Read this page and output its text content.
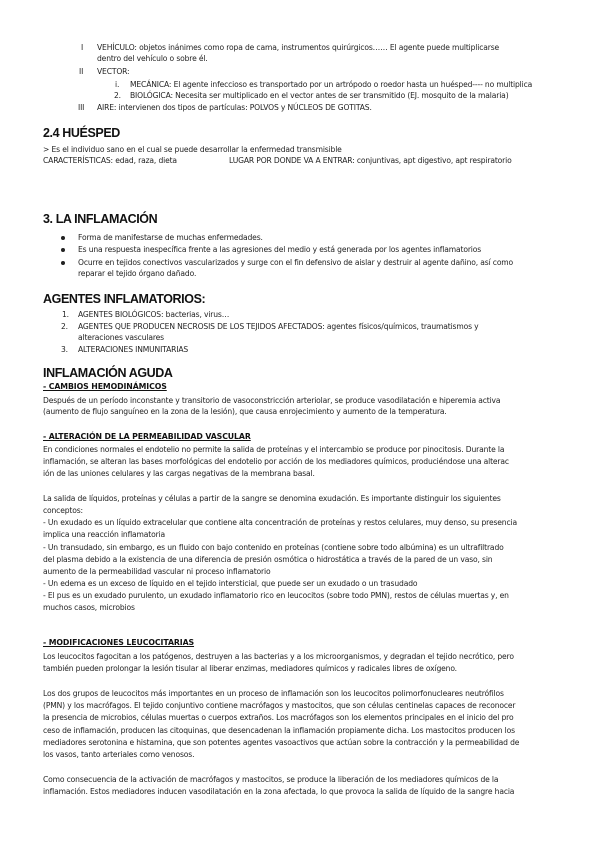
I VEHÍCULO: objetos inánimes como ropa de cama, instrumentos quirúrgicos…… El agente puede multiplicarse
dentro del vehículo o sobre él.
II VECTOR:
i. MECÁNICA: El agente infeccioso es transportado por un artrópodo o roedor hasta un huésped---- no multiplica
2. BIOLÓGICA: Necesita ser multiplicado en el vector antes de ser transmitido (EJ. mosquito de la malaria)
III AIRE: intervienen dos tipos de partículas: POLVOS y NÚCLEOS DE GOTITAS.
2.4 HUÉSPED
> Es el individuo sano en el cual se puede desarrollar la enfermedad transmisible
CARACTERÍSTICAS: edad, raza, dieta	LUGAR POR DONDE VA A ENTRAR: conjuntivas, apt digestivo, apt respiratorio
3. LA INFLAMACIÓN
Forma de manifestarse de muchas enfermedades.
Es una respuesta inespecífica frente a las agresiones del medio y está generada por los agentes inflamatorios
Ocurre en tejidos conectivos vascularizados y surge con el fin defensivo de aislar y destruir al agente dañino, así como
reparar el tejido órgano dañado.
AGENTES INFLAMATORIOS:
1. AGENTES BIOLÓGICOS: bacterias, virus…
2. AGENTES QUE PRODUCEN NECROSIS DE LOS TEJIDOS AFECTADOS: agentes físicos/químicos, traumatismos y
alteraciones vasculares
3. ALTERACIONES INMUNITARIAS
INFLAMACIÓN AGUDA
- CAMBIOS HEMODINÁMICOS
Después de un período inconstante y transitorio de vasoconstricción arteriolar, se produce vasodilatación e hiperemia activa
(aumento de flujo sanguíneo en la zona de la lesión), que causa enrojecimiento y aumento de la temperatura.
- ALTERACIÓN DE LA PERMEABILIDAD VASCULAR
En condiciones normales el endotelio no permite la salida de proteínas y el intercambio se produce por pinocitosis. Durante la
inflamación, se alteran las bases morfológicas del endotelio por acción de los mediadores químicos, produciéndose una alterac
ión de las uniones celulares y las cargas negativas de la membrana basal.
La salida de líquidos, proteínas y células a partir de la sangre se denomina exudación. Es importante distinguir los siguientes
conceptos:
- Un exudado es un líquido extracelular que contiene alta concentración de proteínas y restos celulares, muy denso, su presencia
implica una reacción inflamatoria
- Un transudado, sin embargo, es un fluido con bajo contenido en proteínas (contiene sobre todo albúmina) es un ultrafiltrado
del plasma debido a la existencia de una diferencia de presión osmótica o hidrostática a través de la pared de un vaso, sin
aumento de la permeabilidad vascular ni proceso inflamatorio
- Un edema es un exceso de líquido en el tejido intersticial, que puede ser un exudado o un trasudado
- El pus es un exudado purulento, un exudado inflamatorio rico en leucocitos (sobre todo PMN), restos de células muertas y, en
muchos casos, microbios
- MODIFICACIONES LEUCOCITARIAS
Los leucocitos fagocitan a los patógenos, destruyen a las bacterias y a los microorganismos, y degradan el tejido necrótico, pero
también pueden prolongar la lesión tisular al liberar enzimas, mediadores químicos y radicales libres de oxígeno.
Los dos grupos de leucocitos más importantes en un proceso de inflamación son los leucocitos polimorfonucleares neutrófilos
(PMN) y los macrófagos. El tejido conjuntivo contiene macrófagos y mastocitos, que son células centinelas capaces de reconocer
la presencia de microbios, células muertas o cuerpos extraños. Los macrófagos son los elementos principales en el inicio del pro
ceso de inflamación, producen las citoquinas, que desencadenan la inflamación propiamente dicha. Los mastocitos producen los
mediadores serotonina e histamina, que son potentes agentes vasoactivos que actúan sobre la contracción y la permeabilidad de
los vasos, tanto arteriales como venosos.
Como consecuencia de la activación de macrófagos y mastocitos, se produce la liberación de los mediadores químicos de la
inflamación. Estos mediadores inducen vasodilatación en la zona afectada, lo que provoca la salida de líquido de la sangre hacia
